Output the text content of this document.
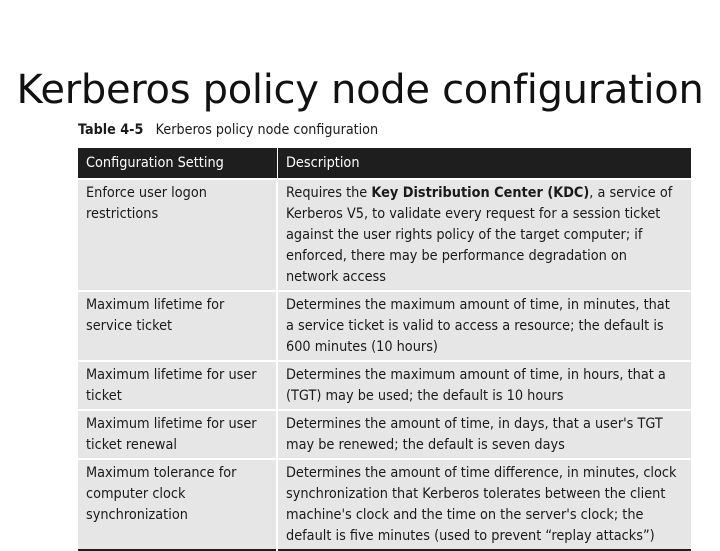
Kerberos policy node configuration
Table 4-5 Kerberos policy node configuration
Configuration Setting	Description

Enforce user logon restrictions	Requires the Key Distribution Center (KDC), a service of Kerberos V5, to validate every request for a session ticket against the user rights policy of the target computer; if enforced, there may be performance degradation on network access

Maximum lifetime for service ticket	Determines the maximum amount of time, in minutes, that a service ticket is valid to access a resource; the default is 600 minutes (10 hours)

Maximum lifetime for user ticket	Determines the maximum amount of time, in hours, that a (TGT) may be used; the default is 10 hours

Maximum lifetime for user ticket renewal	Determines the amount of time, in days, that a user's TGT may be renewed; the default is seven days

Maximum tolerance for computer clock synchronization	Determines the amount of time difference, in minutes, clock synchronization that Kerberos tolerates between the client machine's clock and the time on the server's clock; the default is five minutes (used to prevent “replay attacks”)
